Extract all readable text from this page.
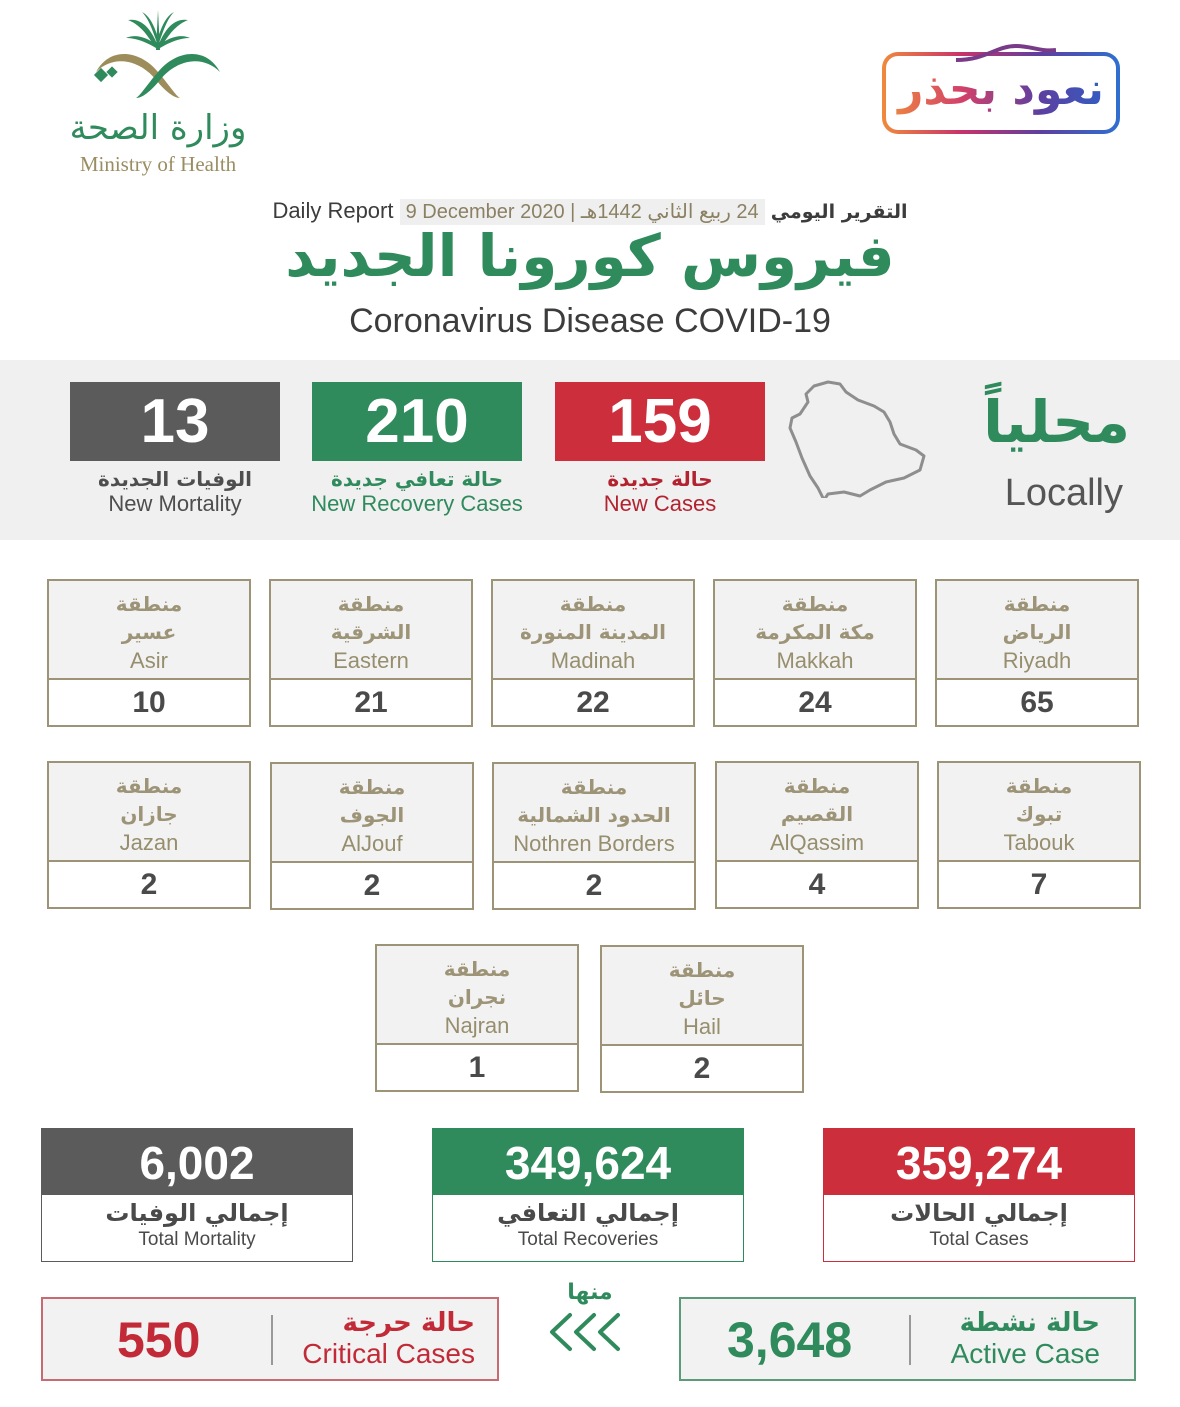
وزارة الصحة
Ministry of Health
نعود بحذر
Daily Report 9 December 2020 | 24 ربيع الثاني 1442هـ التقرير اليومي
فيروس كورونا الجديد
Coronavirus Disease COVID-19
13
الوفيات الجديدة
New Mortality
210
حالة تعافي جديدة
New Recovery Cases
159
حالة جديدة
New Cases
محلياً
Locally
منطقة
الرياض
Riyadh
65
منطقة
مكة المكرمة
Makkah
24
منطقة
المدينة المنورة
Madinah
22
منطقة
الشرقية
Eastern
21
منطقة
عسير
Asir
10
منطقة
تبوك
Tabouk
7
منطقة
القصيم
AlQassim
4
منطقة
الحدود الشمالية
Nothren Borders
2
منطقة
الجوف
AlJouf
2
منطقة
جازان
Jazan
2
منطقة
حائل
Hail
2
منطقة
نجران
Najran
1
6,002
إجمالي الوفيات
Total Mortality
349,624
إجمالي التعافي
Total Recoveries
359,274
إجمالي الحالات
Total Cases
550	حالة حرجة
Critical Cases
منها
3,648	حالة نشطة
Active Case
